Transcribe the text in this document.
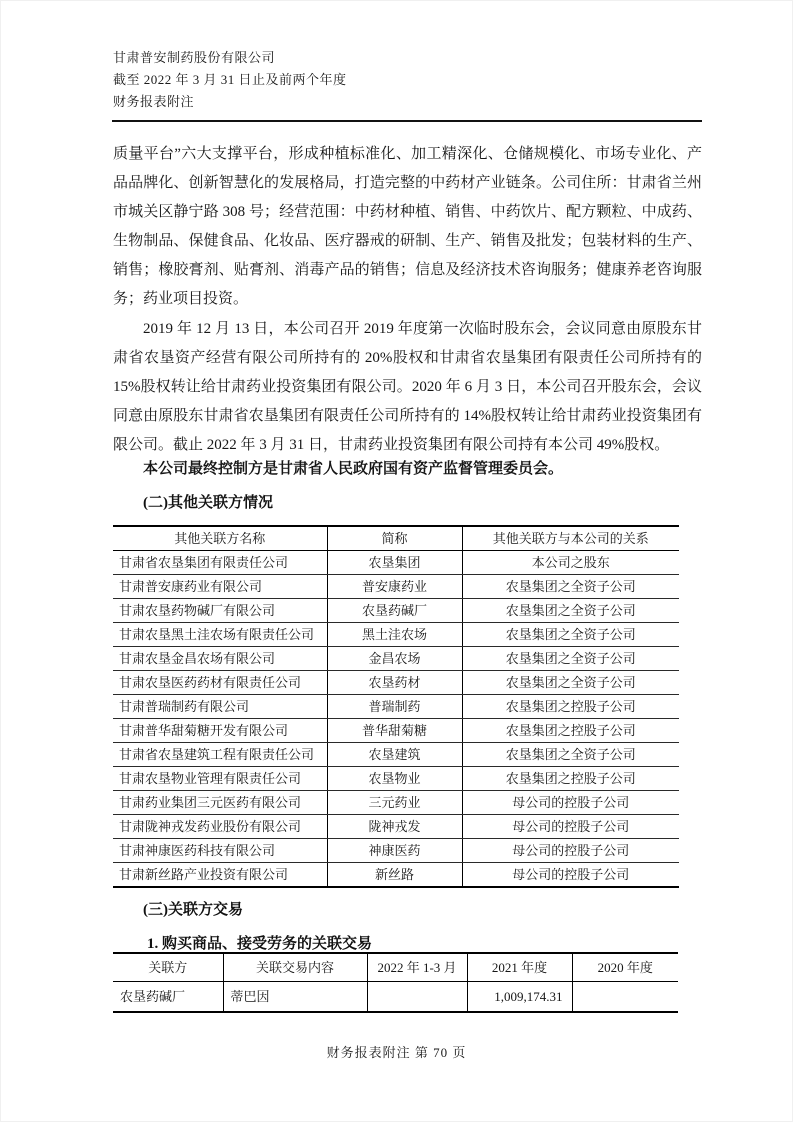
甘肃普安制药股份有限公司
截至 2022 年 3 月 31 日止及前两个年度
财务报表附注
质量平台”六大支撑平台，形成种植标准化、加工精深化、仓储规模化、市场专业化、产品品牌化、创新智慧化的发展格局，打造完整的中药材产业链条。公司住所：甘肃省兰州市城关区静宁路 308 号；经营范围：中药材种植、销售、中药饮片、配方颗粒、中成药、生物制品、保健食品、化妆品、医疗器戒的研制、生产、销售及批发；包装材料的生产、销售；橡胶膏剂、贴膏剂、消毒产品的销售；信息及经济技术咨询服务；健康养老咨询服务；药业项目投资。
2019 年 12 月 13 日，本公司召开 2019 年度第一次临时股东会，会议同意由原股东甘肃省农垦资产经营有限公司所持有的 20%股权和甘肃省农垦集团有限责任公司所持有的 15%股权转让给甘肃药业投资集团有限公司。2020 年 6 月 3 日，本公司召开股东会，会议同意由原股东甘肃省农垦集团有限责任公司所持有的 14%股权转让给甘肃药业投资集团有限公司。截止 2022 年 3 月 31 日，甘肃药业投资集团有限公司持有本公司 49%股权。
本公司最终控制方是甘肃省人民政府国有资产监督管理委员会。
(二)其他关联方情况
其他关联方名称	简称	其他关联方与本公司的关系
甘肃省农垦集团有限责任公司	农垦集团	本公司之股东
甘肃普安康药业有限公司	普安康药业	农垦集团之全资子公司
甘肃农垦药物碱厂有限公司	农垦药碱厂	农垦集团之全资子公司
甘肃农垦黑土洼农场有限责任公司	黑土洼农场	农垦集团之全资子公司
甘肃农垦金昌农场有限公司	金昌农场	农垦集团之全资子公司
甘肃农垦医药药材有限责任公司	农垦药材	农垦集团之全资子公司
甘肃普瑞制药有限公司	普瑞制药	农垦集团之控股子公司
甘肃普华甜菊糖开发有限公司	普华甜菊糖	农垦集团之控股子公司
甘肃省农垦建筑工程有限责任公司	农垦建筑	农垦集团之全资子公司
甘肃农垦物业管理有限责任公司	农垦物业	农垦集团之控股子公司
甘肃药业集团三元医药有限公司	三元药业	母公司的控股子公司
甘肃陇神戎发药业股份有限公司	陇神戎发	母公司的控股子公司
甘肃神康医药科技有限公司	神康医药	母公司的控股子公司
甘肃新丝路产业投资有限公司	新丝路	母公司的控股子公司
(三)关联方交易
1. 购买商品、接受劳务的关联交易
关联方	关联交易内容	2022 年 1-3 月	2021 年度	2020 年度
农垦药碱厂	蒂巴因		1,009,174.31	
财务报表附注 第 70 页
